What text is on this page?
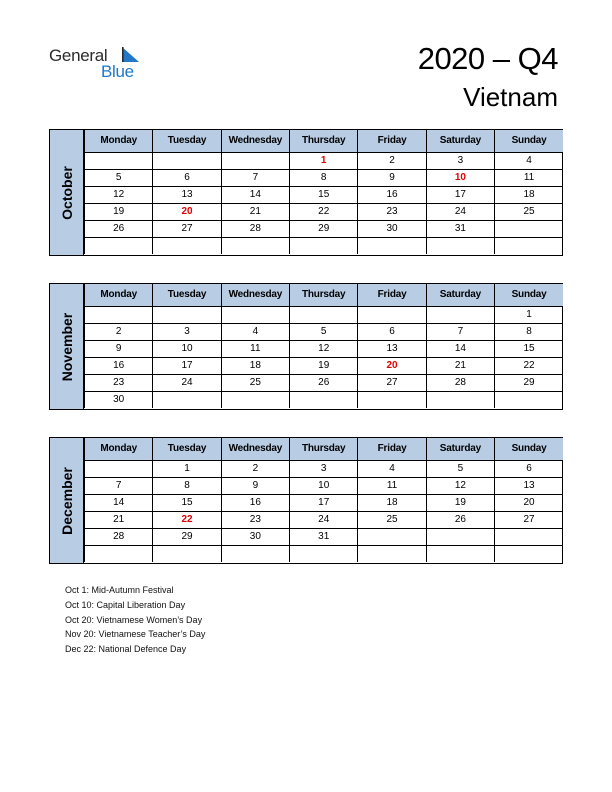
General
Blue	2020 – Q4
Vietnam
October
Monday	Tuesday	Wednesday	Thursday	Friday	Saturday	Sunday
			1	2	3	4
5	6	7	8	9	10	11
12	13	14	15	16	17	18
19	20	21	22	23	24	25
26	27	28	29	30	31	

November
Monday	Tuesday	Wednesday	Thursday	Friday	Saturday	Sunday
						1
2	3	4	5	6	7	8
9	10	11	12	13	14	15
16	17	18	19	20	21	22
23	24	25	26	27	28	29
30						
December
Monday	Tuesday	Wednesday	Thursday	Friday	Saturday	Sunday
	1	2	3	4	5	6
7	8	9	10	11	12	13
14	15	16	17	18	19	20
21	22	23	24	25	26	27
28	29	30	31			

Oct 1: Mid-Autumn Festival
Oct 10: Capital Liberation Day
Oct 20: Vietnamese Women’s Day
Nov 20: Vietnamese Teacher’s Day
Dec 22: National Defence Day
